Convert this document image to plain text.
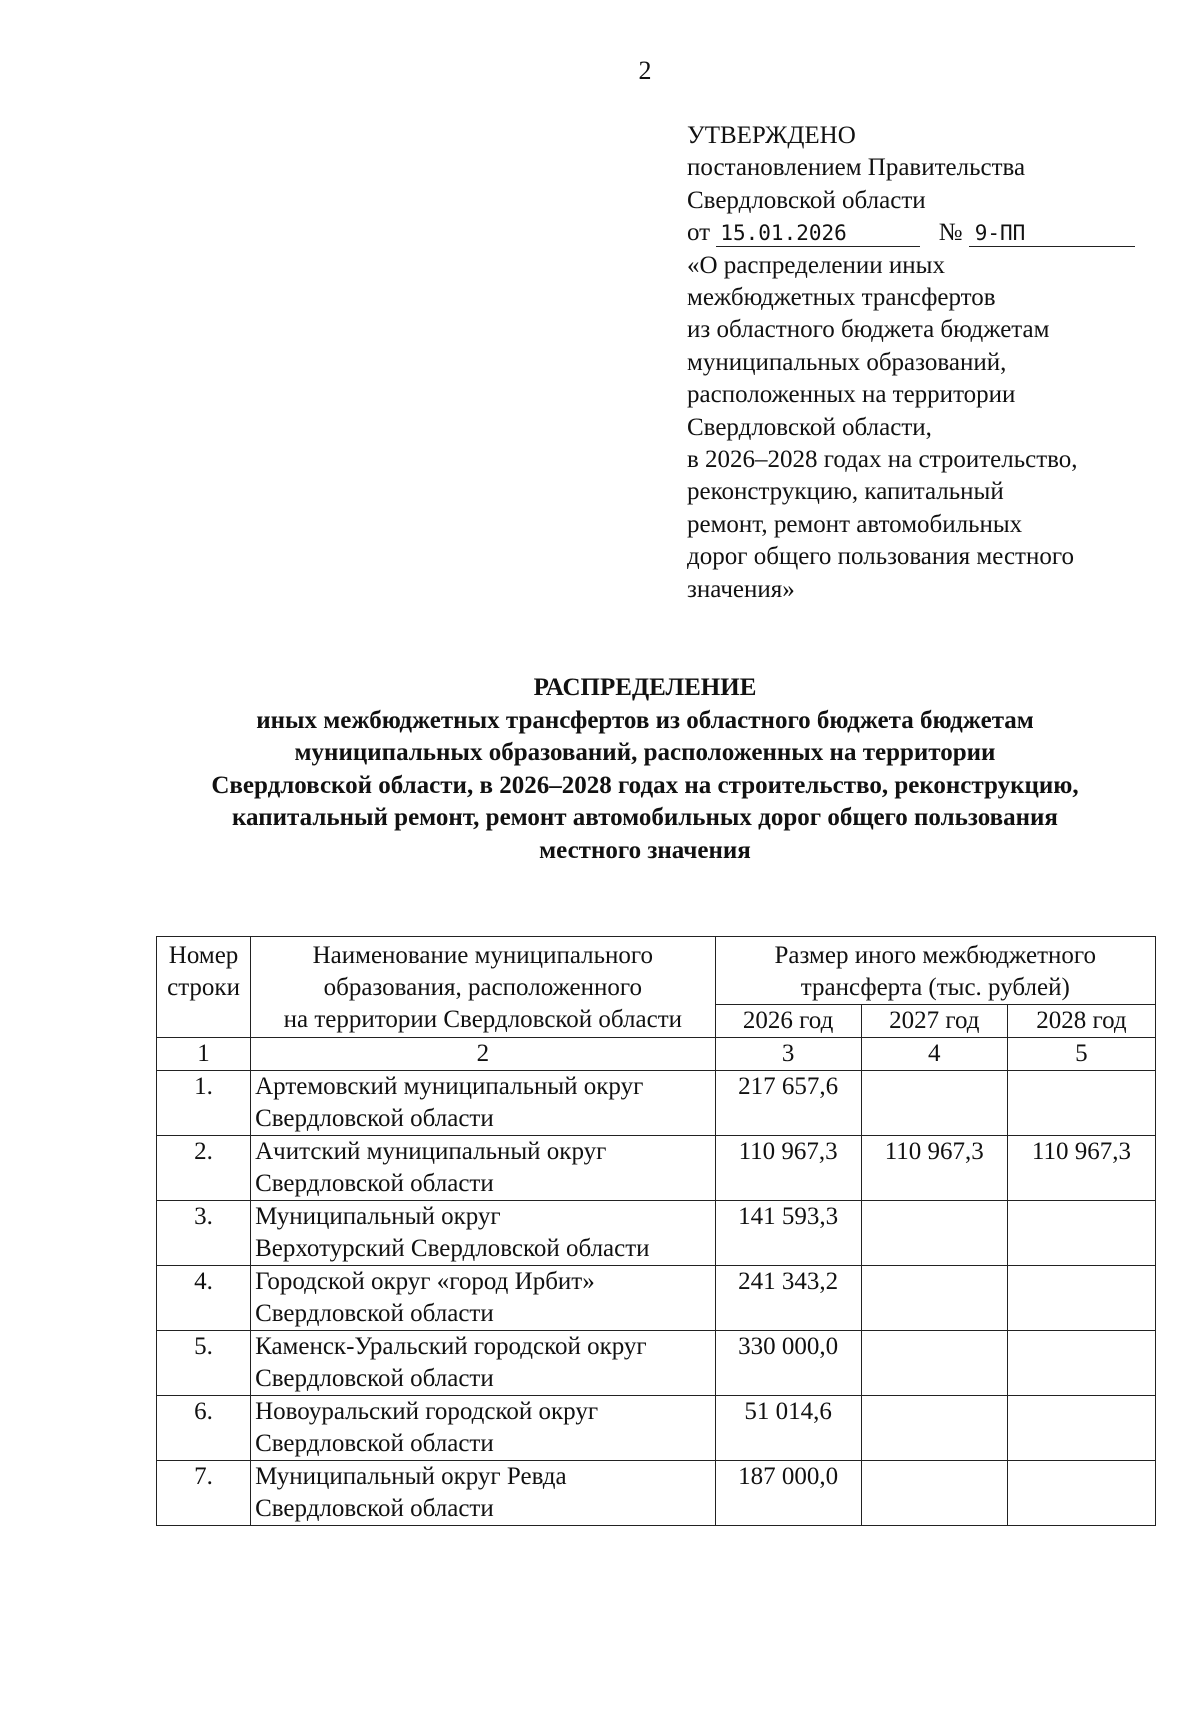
2
УТВЕРЖДЕНО
постановлением Правительства
Свердловской области
от 15.01.2026	№ 9-ПП
«О распределении иных
межбюджетных трансфертов
из областного бюджета бюджетам
муниципальных образований,
расположенных на территории
Свердловской области,
в 2026–2028 годах на строительство,
реконструкцию, капитальный
ремонт, ремонт автомобильных
дорог общего пользования местного
значения»
РАСПРЕДЕЛЕНИЕ
иных межбюджетных трансфертов из областного бюджета бюджетам
муниципальных образований, расположенных на территории
Свердловской области, в 2026–2028 годах на строительство, реконструкцию,
капитальный ремонт, ремонт автомобильных дорог общего пользования
местного значения
Номер
строки	Наименование муниципального
образования, расположенного
на территории Свердловской области	Размер иного межбюджетного
трансферта (тыс. рублей)		

		2026 год	2027 год	2028 год
1	2	3	4	5
1.	Артемовский муниципальный округ
Свердловской области	217 657,6		
2.	Ачитский муниципальный округ
Свердловской области	110 967,3	110 967,3	110 967,3
3.	Муниципальный округ
Верхотурский Свердловской области	141 593,3		
4.	Городской округ «город Ирбит»
Свердловской области	241 343,2		
5.	Каменск-Уральский городской округ
Свердловской области	330 000,0		
6.	Новоуральский городской округ
Свердловской области	51 014,6		
7.	Муниципальный округ Ревда
Свердловской области	187 000,0		
